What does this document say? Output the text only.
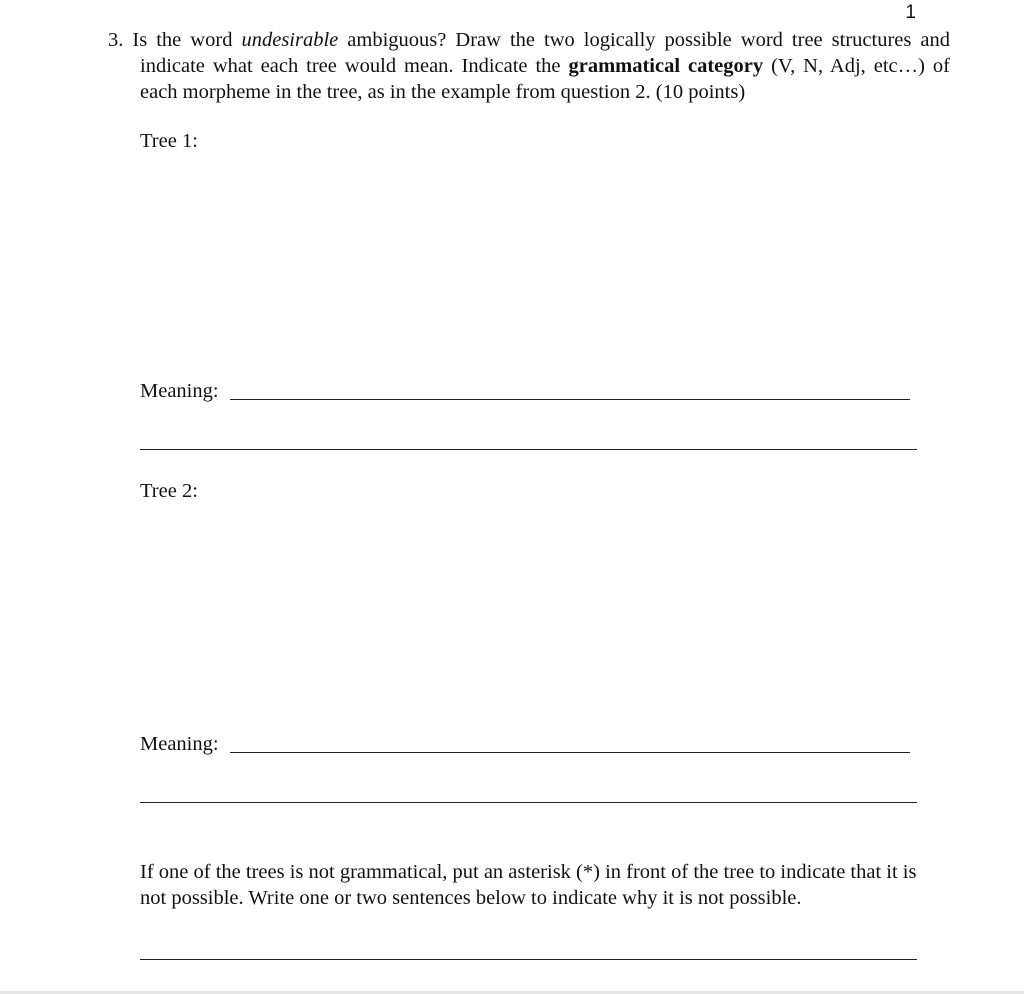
1
3. Is the word undesirable ambiguous? Draw the two logically possible word tree structures and indicate what each tree would mean. Indicate the grammatical category (V, N, Adj, etc…) of each morpheme in the tree, as in the example from question 2. (10 points)
Tree 1:
Meaning:
Tree 2:
Meaning:
If one of the trees is not grammatical, put an asterisk (*) in front of the tree to indicate that it is not possible. Write one or two sentences below to indicate why it is not possible.
